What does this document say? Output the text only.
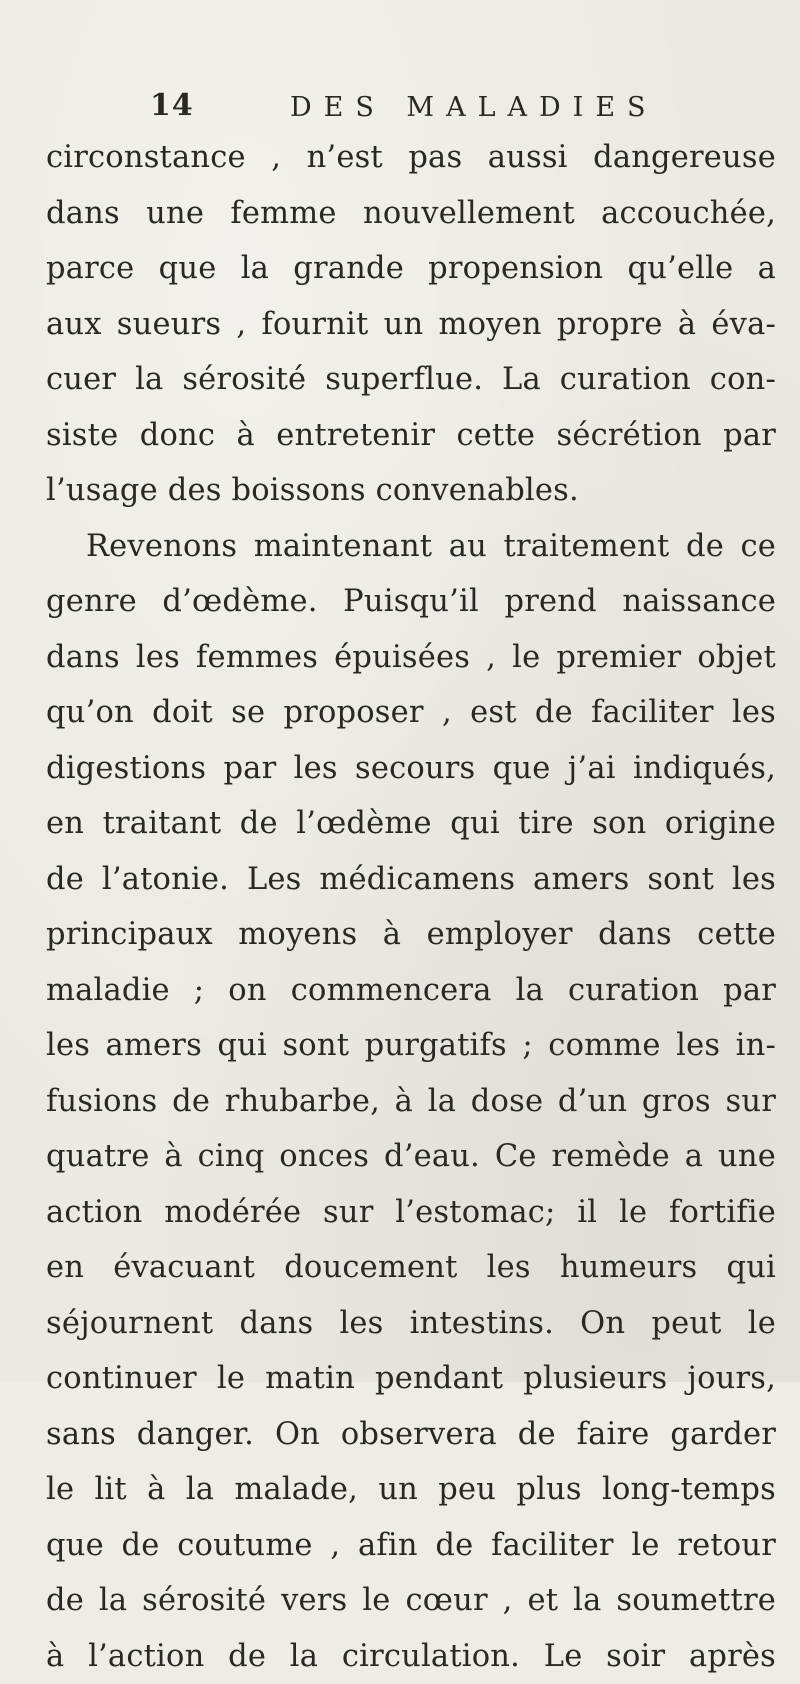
14	DES MALADIES
circonstance , n’est pas aussi dangereuse
dans une femme nouvellement accouchée,
parce que la grande propension qu’elle a
aux sueurs , fournit un moyen propre à éva-
cuer la sérosité superflue. La curation con-
siste donc à entretenir cette sécrétion par
l’usage des boissons convenables.
Revenons maintenant au traitement de ce
genre d’œdème. Puisqu’il prend naissance
dans les femmes épuisées , le premier objet
qu’on doit se proposer , est de faciliter les
digestions par les secours que j’ai indiqués,
en traitant de l’œdème qui tire son origine
de l’atonie. Les médicamens amers sont les
principaux moyens à employer dans cette
maladie ; on commencera la curation par
les amers qui sont purgatifs ; comme les in-
fusions de rhubarbe, à la dose d’un gros sur
quatre à cinq onces d’eau. Ce remède a une
action modérée sur l’estomac; il le fortifie
en évacuant doucement les humeurs qui
séjournent dans les intestins. On peut le
continuer le matin pendant plusieurs jours,
sans danger. On observera de faire garder
le lit à la malade, un peu plus long-temps
que de coutume , afin de faciliter le retour
de la sérosité vers le cœur , et la soumettre
à l’action de la circulation. Le soir après
